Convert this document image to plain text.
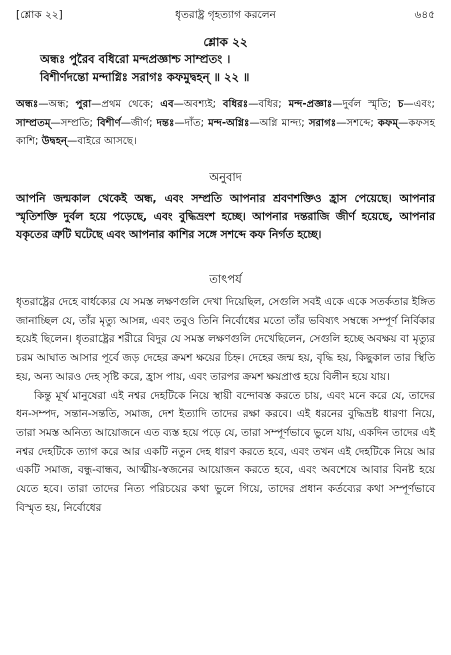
[শ্লোক ২২]	ধৃতরাষ্ট্র গৃহত্যাগ করলেন	৬৪৫
শ্লোক ২২
অন্ধঃ পুরৈব বধিরো মন্দপ্রজ্ঞাশ্চ সাম্প্রতং ।
বিশীর্ণদন্তো মন্দাগ্নিঃ সরাগঃ কফমুদ্বহন্ ॥ ২২ ॥
অন্ধঃ—অন্ধ; পুরা—প্রথম থেকে; এব—অবশ্যই; বধিরঃ—বধির; মন্দ-প্রজ্ঞাঃ—দুর্বল স্মৃতি; চ—এবং; সাম্প্রতম্—সম্প্রতি; বিশীর্ণ—জীর্ণ; দন্তঃ—দাঁত; মন্দ-অগ্নিঃ—অগ্নি মান্দ্য; সরাগঃ—সশব্দে; কফম্—কফসহ কাশি; উদ্বহন্—বাইরে আসছে।
অনুবাদ
আপনি জন্মকাল থেকেই অন্ধ, এবং সম্প্রতি আপনার শ্রবণশক্তিও হ্রাস পেয়েছে। আপনার স্মৃতিশক্তি দুর্বল হয়ে পড়েছে, এবং বুদ্ধিভ্রংশ হচ্ছে। আপনার দন্তরাজি জীর্ণ হয়েছে, আপনার যকৃতের ত্রুটি ঘটেছে এবং আপনার কাশির সঙ্গে সশব্দে কফ নির্গত হচ্ছে।
তাৎপর্য

ধৃতরাষ্ট্রের দেহে বার্ধক্যের যে সমস্ত লক্ষণগুলি দেখা দিয়েছিল, সেগুলি সবই একে একে সতর্কতার ইঙ্গিত জানাচ্ছিল যে, তাঁর মৃত্যু আসন্ন, এবং তবুও তিনি নির্বোধের মতো তাঁর ভবিষ্যৎ সম্বন্ধে সম্পূর্ণ নির্বিকার হয়েই ছিলেন। ধৃতরাষ্ট্রের শরীরে বিদুর যে সমস্ত লক্ষণগুলি দেখেছিলেন, সেগুলি হচ্ছে অবক্ষয় বা মৃত্যুর চরম আঘাত আসার পূর্বে জড় দেহের ক্রমশ ক্ষয়ের চিহ্ন। দেহের জন্ম হয়, বৃদ্ধি হয়, কিছুকাল তার স্থিতি হয়, অন্য আরও দেহ সৃষ্টি করে, হ্রাস পায়, এবং তারপর ক্রমশ ক্ষয়প্রাপ্ত হয়ে বিলীন হয়ে যায়।

কিন্তু মূর্খ মানুষেরা এই নশ্বর দেহটিকে নিয়ে স্থায়ী বন্দোবস্ত করতে চায়, এবং মনে করে যে, তাদের ধন-সম্পদ, সন্তান-সন্ততি, সমাজ, দেশ ইত্যাদি তাদের রক্ষা করবে। এই ধরনের বুদ্ধিভ্রষ্ট ধারণা নিয়ে, তারা সমস্ত অনিত্য আয়োজনে এত ব্যস্ত হয়ে পড়ে যে, তারা সম্পূর্ণভাবে ভুলে যায়, একদিন তাদের এই নশ্বর দেহটিকে ত্যাগ করে আর একটি নতুন দেহ ধারণ করতে হবে, এবং তখন এই দেহটিকে নিয়ে আর একটি সমাজ, বন্ধু-বান্ধব, আত্মীয়-স্বজনের আয়োজন করতে হবে, এবং অবশেষে আবার বিনষ্ট হয়ে যেতে হবে। তারা তাদের নিত্য পরিচয়ের কথা ভুলে গিয়ে, তাদের প্রধান কর্তব্যের কথা সম্পূর্ণভাবে বিস্মৃত হয়, নির্বোধের
